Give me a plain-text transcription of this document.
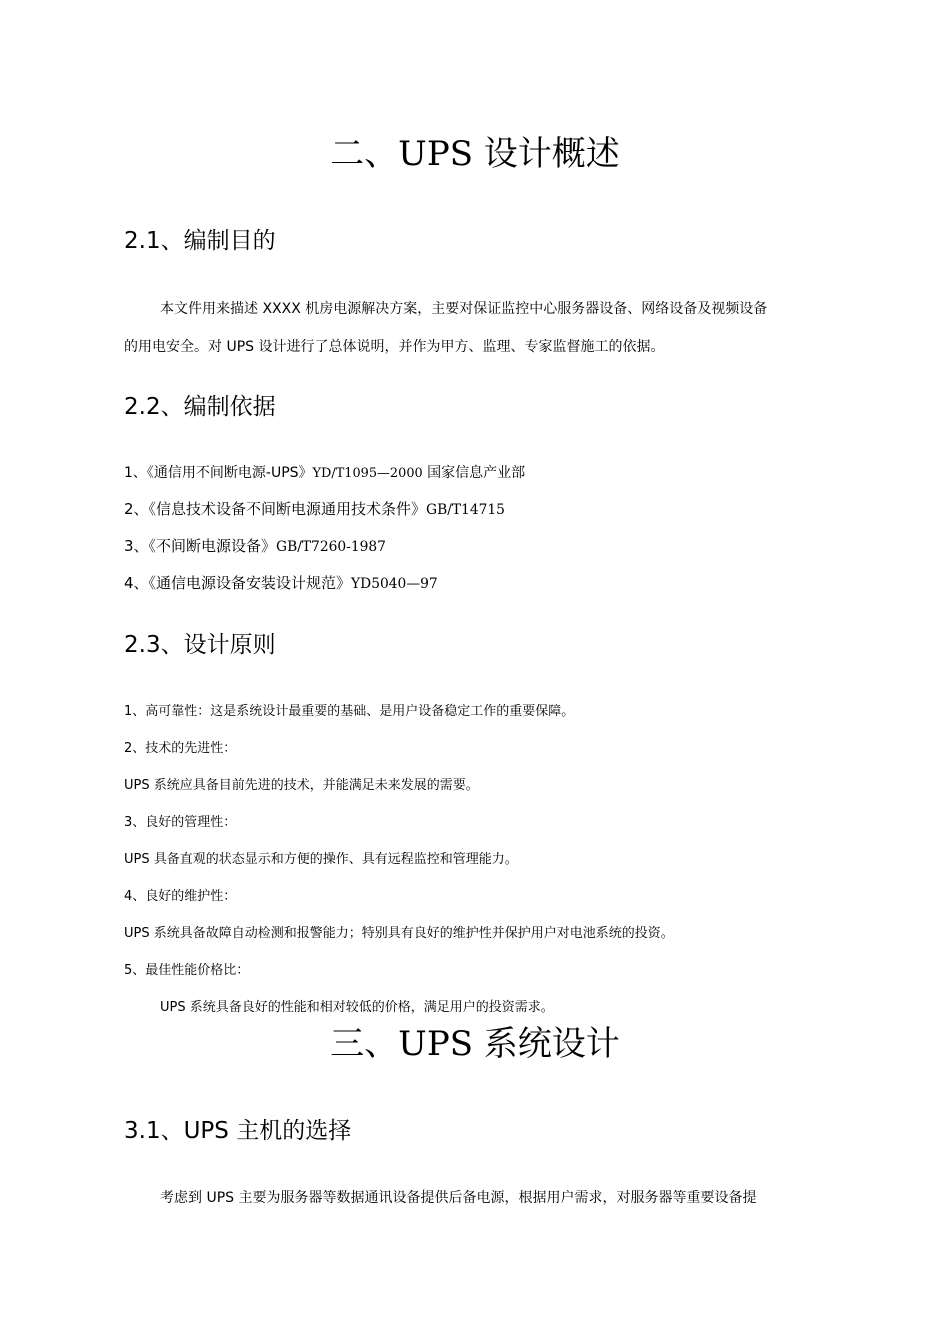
二、UPS 设计概述
2.1、编制目的

本文件用来描述 XXXX 机房电源解决方案，主要对保证监控中心服务器设备、网络设备及视频设备

的用电安全。对 UPS 设计进行了总体说明，并作为甲方、监理、专家监督施工的依据。

2.2、编制依据

1、《通信用不间断电源-UPS》YD/T1095—2000 国家信息产业部

2、《信息技术设备不间断电源通用技术条件》GB/T14715

3、《不间断电源设备》GB/T7260-1987

4、《通信电源设备安装设计规范》YD5040—97

2.3、设计原则

1、高可靠性：这是系统设计最重要的基础、是用户设备稳定工作的重要保障。

2、技术的先进性：

UPS 系统应具备目前先进的技术，并能满足未来发展的需要。

3、良好的管理性：

UPS 具备直观的状态显示和方便的操作、具有远程监控和管理能力。

4、良好的维护性：

UPS 系统具备故障自动检测和报警能力；特别具有良好的维护性并保护用户对电池系统的投资。

5、最佳性能价格比：

UPS 系统具备良好的性能和相对较低的价格，满足用户的投资需求。

三、UPS 系统设计
3.1、UPS 主机的选择

考虑到 UPS 主要为服务器等数据通讯设备提供后备电源，根据用户需求，对服务器等重要设备提
